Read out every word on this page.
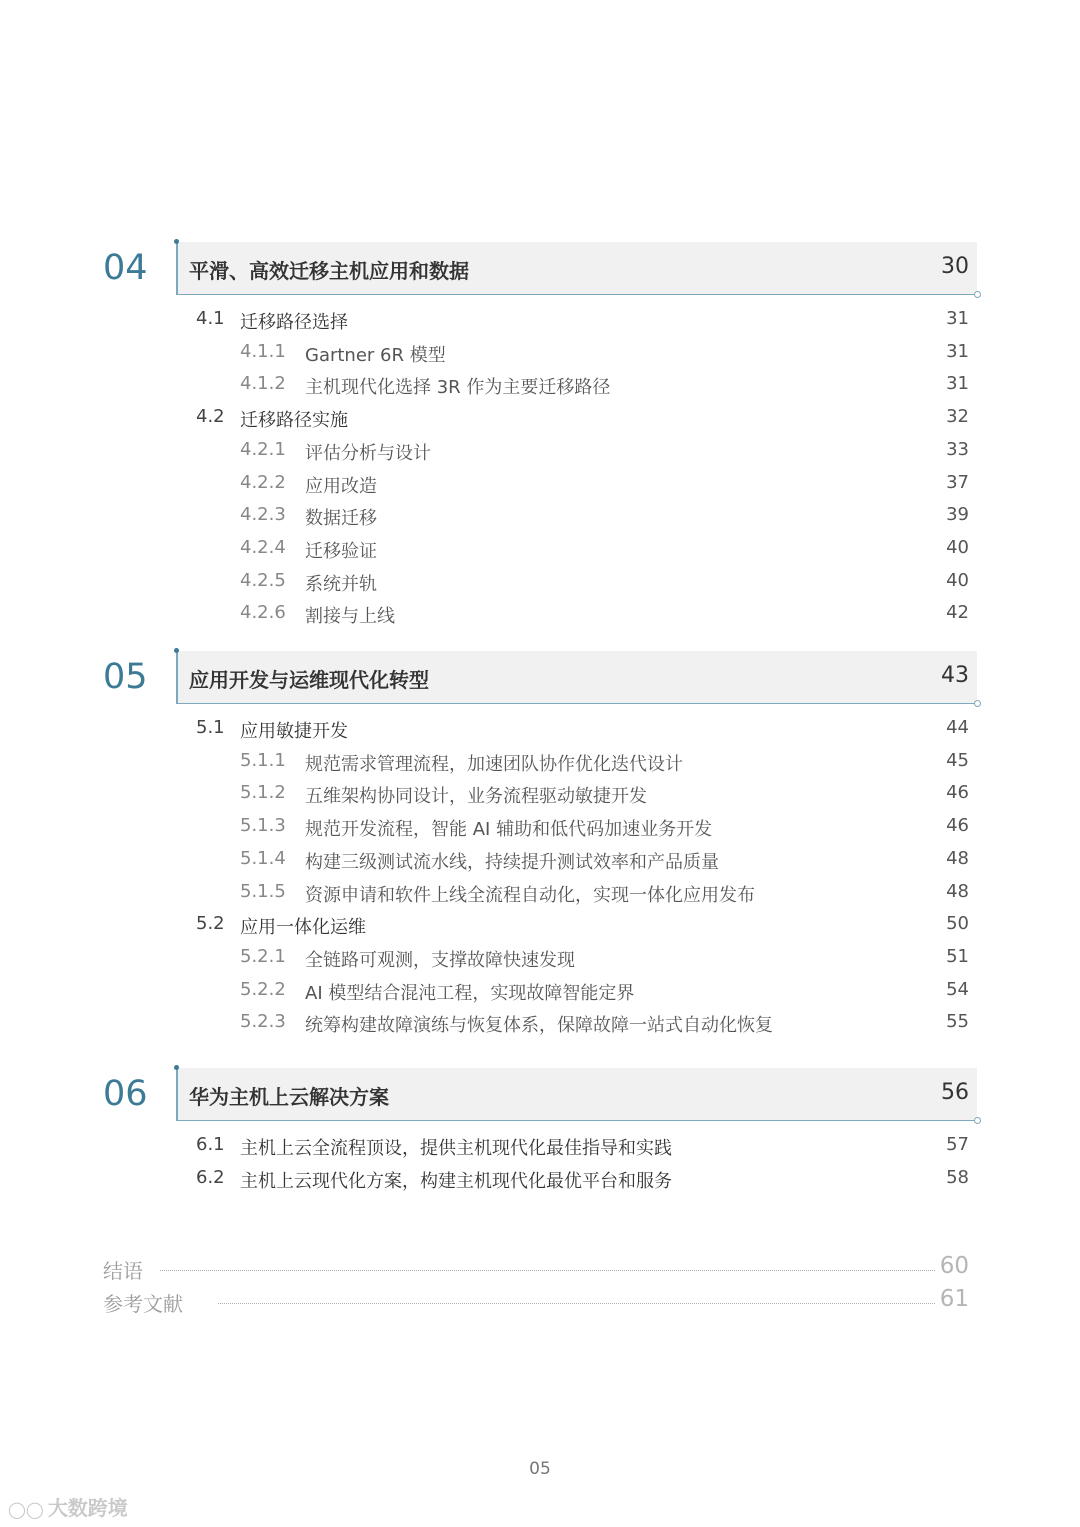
04 平滑、高效迁移主机应用和数据	30
4.1 迁移路径选择	31
4.1.1 Gartner 6R 模型	31
4.1.2 主机现代化选择 3R 作为主要迁移路径	31
4.2 迁移路径实施	32
4.2.1 评估分析与设计	33
4.2.2 应用改造	37
4.2.3 数据迁移	39
4.2.4 迁移验证	40
4.2.5 系统并轨	40
4.2.6 割接与上线	42
05 应用开发与运维现代化转型	43
5.1 应用敏捷开发	44
5.1.1 规范需求管理流程，加速团队协作优化迭代设计	45
5.1.2 五维架构协同设计，业务流程驱动敏捷开发	46
5.1.3 规范开发流程，智能 AI 辅助和低代码加速业务开发	46
5.1.4 构建三级测试流水线，持续提升测试效率和产品质量	48
5.1.5 资源申请和软件上线全流程自动化，实现一体化应用发布	48
5.2 应用一体化运维	50
5.2.1 全链路可观测，支撑故障快速发现	51
5.2.2 AI 模型结合混沌工程，实现故障智能定界	54
5.2.3 统筹构建故障演练与恢复体系，保障故障一站式自动化恢复	55
06 华为主机上云解决方案	56
6.1 主机上云全流程顶设，提供主机现代化最佳指导和实践	57
6.2 主机上云现代化方案，构建主机现代化最优平台和服务	58
结语	60
参考文献	61
05
◯◯ 大数跨境
